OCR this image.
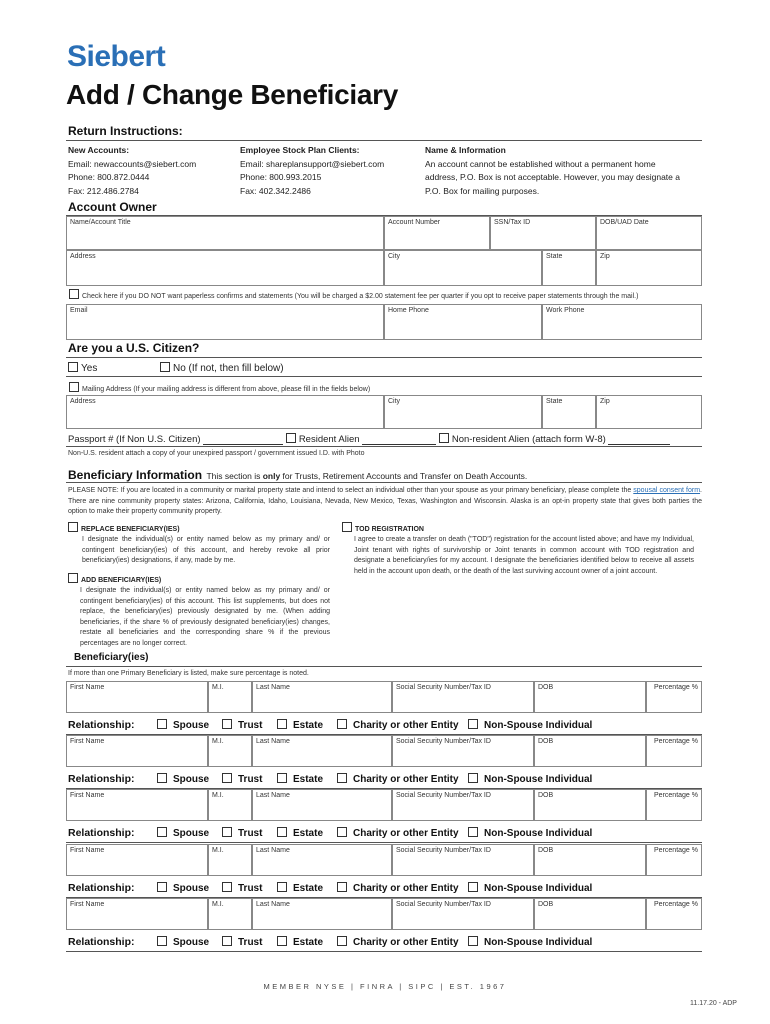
Siebert
Add / Change Beneficiary
Return Instructions:
New Accounts:
Email: newaccounts@siebert.com
Phone: 800.872.0444
Fax: 212.486.2784
Employee Stock Plan Clients:
Email: shareplansupport@siebert.com
Phone: 800.993.2015
Fax: 402.342.2486
Name & Information
An account cannot be established without a permanent home
address, P.O. Box is not acceptable. However, you may designate a
P.O. Box for mailing purposes.
Account Owner
Name/Account Title	Account Number	SSN/Tax ID	DOB/UAD Date
Address	City	State	Zip
Check here if you DO NOT want paperless confirms and statements (You will be charged a $2.00 statement fee per quarter if you opt to receive paper statements through the mail.)
Email	Home Phone	Work Phone
Are you a U.S. Citizen?
Yes	No (If not, then fill below)
Mailing Address (If your mailing address is different from above, please fill in the fields below)
Address	City	State	Zip
Passport # (If Non U.S. Citizen)	Resident Alien	Non-resident Alien (attach form W-8)
Non-U.S. resident attach a copy of your unexpired passport / government issued I.D. with Photo
Beneficiary Information This section is only for Trusts, Retirement Accounts and Transfer on Death Accounts.
PLEASE NOTE: If you are located in a community or marital property state and intend to select an individual other than your spouse as your primary beneficiary, please complete the spousal consent form. There are nine community property states: Arizona, California, Idaho, Louisiana, Nevada, New Mexico, Texas, Washington and Wisconsin. Alaska is an opt-in property state that gives both parties the option to make their property community property.
REPLACE BENEFICIARY(IES)
I designate the individual(s) or entity named below as my primary and/ or contingent beneficiary(ies) of this account, and hereby revoke all prior beneficiary(ies) designations, if any, made by me.
ADD BENEFICIARY(IES)
I designate the individual(s) or entity named below as my primary and/ or contingent beneficiary(ies) of this account. This list supplements, but does not replace, the beneficiary(ies) previously designated by me. (When adding beneficiaries, if the share % of previously designated beneficiary(ies) changes, restate all beneficiaries and the corresponding share % if the previous percentages are no longer correct.
TOD REGISTRATION
I agree to create a transfer on death ("TOD") registration for the account listed above; and have my Individual, Joint tenant with rights of survivorship or Joint tenants in common account with TOD registration and designate a beneficiary/ies for my account. I designate the beneficiaries identified below to receive all assets held in the account upon death, or the death of the last surviving account owner of a joint account.
Beneficiary(ies)
If more than one Primary Beneficiary is listed, make sure percentage is noted.
First Name	M.I.	Last Name	Social Security Number/Tax ID	DOB	Percentage %
Relationship:	Spouse	Trust	Estate	Charity or other Entity	Non-Spouse Individual
First Name	M.I.	Last Name	Social Security Number/Tax ID	DOB	Percentage %
Relationship:	Spouse	Trust	Estate	Charity or other Entity	Non-Spouse Individual
First Name	M.I.	Last Name	Social Security Number/Tax ID	DOB	Percentage %
Relationship:	Spouse	Trust	Estate	Charity or other Entity	Non-Spouse Individual
First Name	M.I.	Last Name	Social Security Number/Tax ID	DOB	Percentage %
Relationship:	Spouse	Trust	Estate	Charity or other Entity	Non-Spouse Individual
First Name	M.I.	Last Name	Social Security Number/Tax ID	DOB	Percentage %
Relationship:	Spouse	Trust	Estate	Charity or other Entity	Non-Spouse Individual
MEMBER NYSE | FINRA | SIPC | EST. 1967
11.17.20 - ADP
